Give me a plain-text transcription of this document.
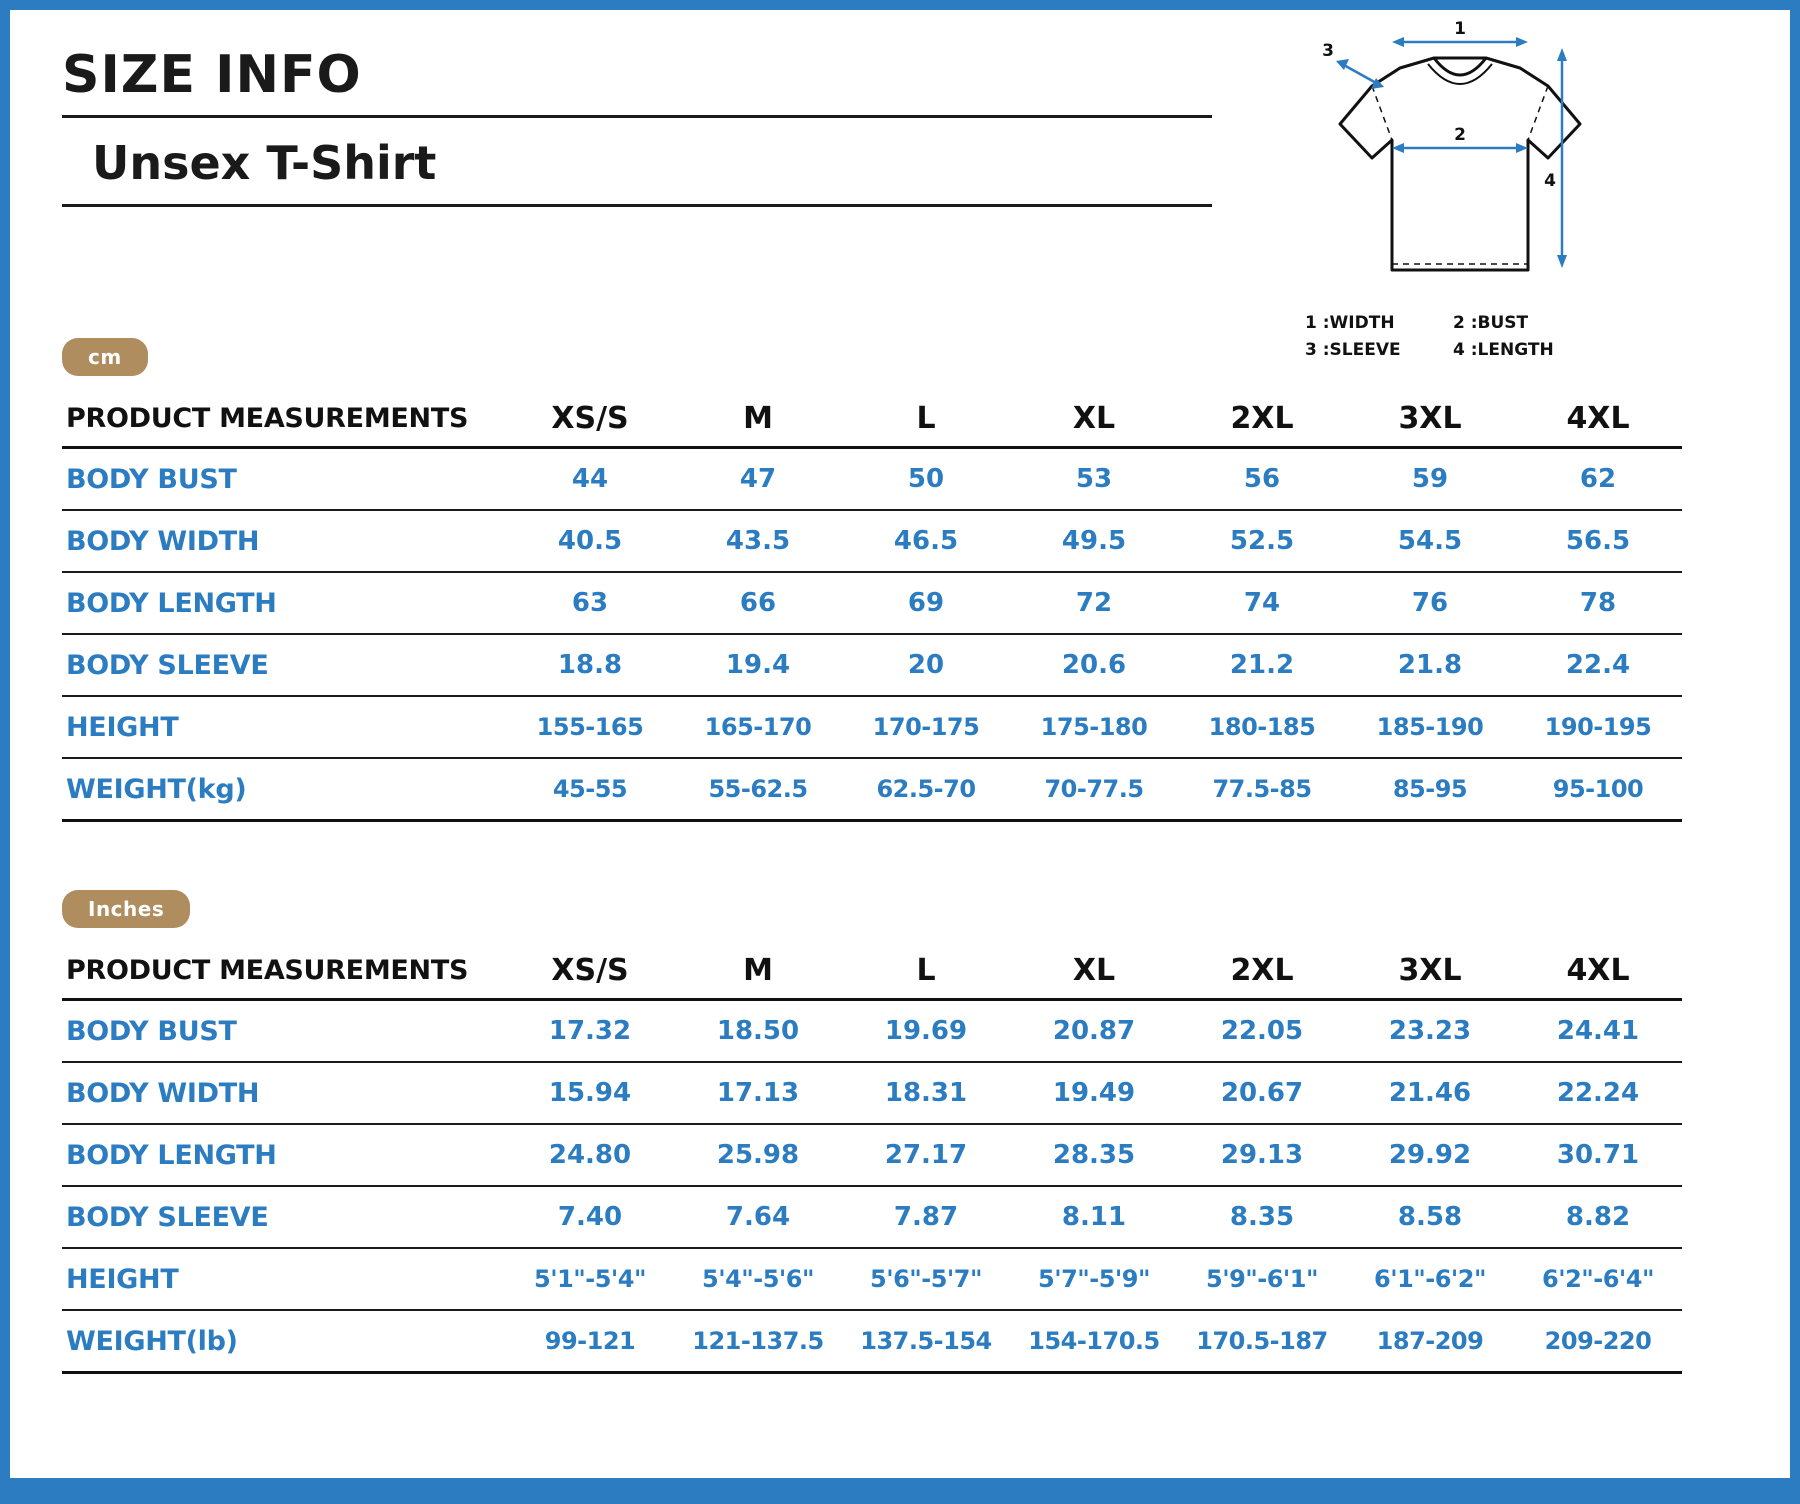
SIZE INFO
Unsex T-Shirt
1
3
2
4
1 :WIDTH	2 :BUST
3 :SLEEVE	4 :LENGTH
cm
PRODUCT MEASUREMENTS	XS/S	M	L	XL	2XL	3XL	4XL
BODY BUST	44	47	50	53	56	59	62
BODY WIDTH	40.5	43.5	46.5	49.5	52.5	54.5	56.5
BODY LENGTH	63	66	69	72	74	76	78
BODY SLEEVE	18.8	19.4	20	20.6	21.2	21.8	22.4
HEIGHT	155-165	165-170	170-175	175-180	180-185	185-190	190-195
WEIGHT(kg)	45-55	55-62.5	62.5-70	70-77.5	77.5-85	85-95	95-100
Inches
PRODUCT MEASUREMENTS	XS/S	M	L	XL	2XL	3XL	4XL
BODY BUST	17.32	18.50	19.69	20.87	22.05	23.23	24.41
BODY WIDTH	15.94	17.13	18.31	19.49	20.67	21.46	22.24
BODY LENGTH	24.80	25.98	27.17	28.35	29.13	29.92	30.71
BODY SLEEVE	7.40	7.64	7.87	8.11	8.35	8.58	8.82
HEIGHT	5'1"-5'4"	5'4"-5'6"	5'6"-5'7"	5'7"-5'9"	5'9"-6'1"	6'1"-6'2"	6'2"-6'4"
WEIGHT(lb)	99-121	121-137.5	137.5-154	154-170.5	170.5-187	187-209	209-220
